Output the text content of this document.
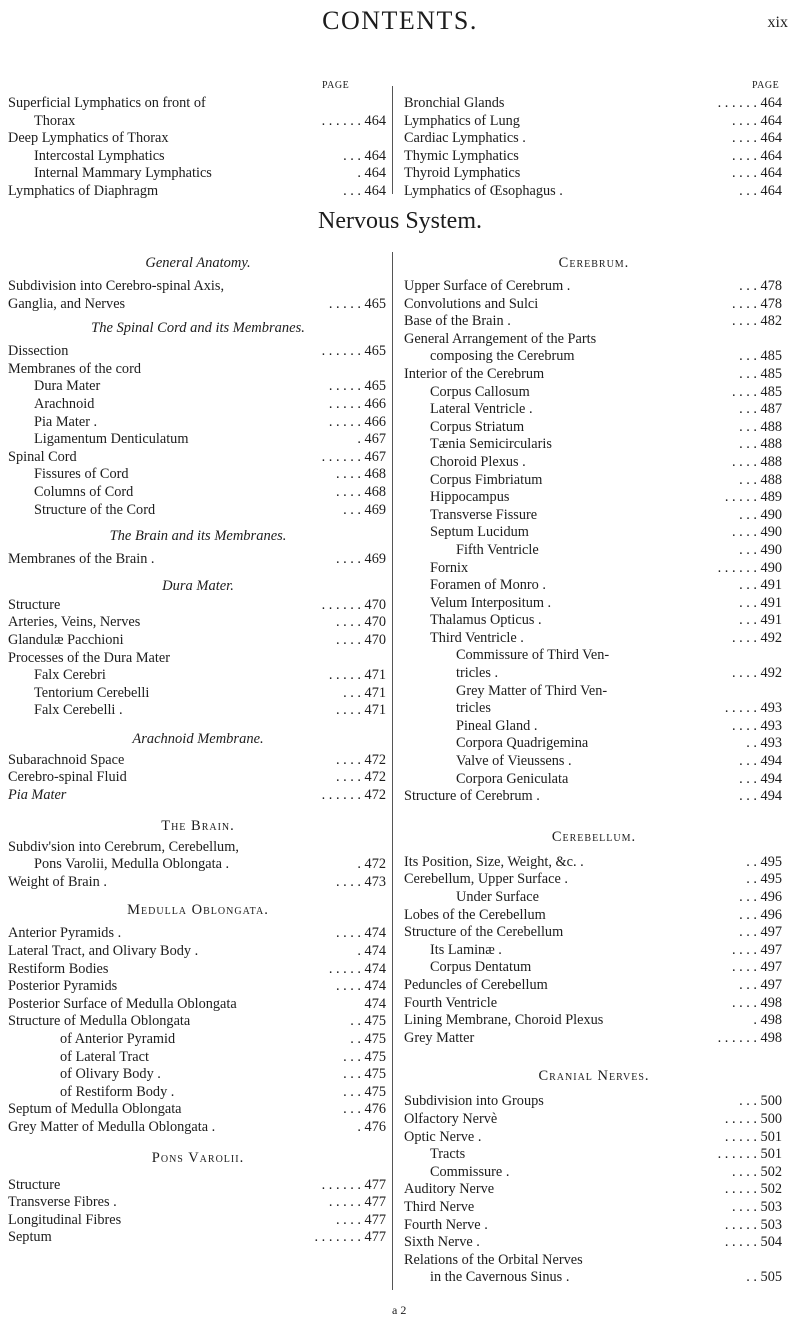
CONTENTS.	xix
PAGE	PAGE
Superficial Lymphatics on front of
Thorax	. . . . . . 464
Deep Lymphatics of Thorax
Intercostal Lymphatics	. . . 464
Internal Mammary Lymphatics	. 464
Lymphatics of Diaphragm	. . . 464
Bronchial Glands	. . . . . . 464
Lymphatics of Lung	. . . . 464
Cardiac Lymphatics .	. . . . 464
Thymic Lymphatics	. . . . 464
Thyroid Lymphatics	. . . . 464
Lymphatics of Œsophagus .	. . . 464
Nervous System.
General Anatomy.
Subdivision into Cerebro-spinal Axis,
Ganglia, and Nerves	. . . . . 465
The Spinal Cord and its Membranes.
Dissection	. . . . . . 465
Membranes of the cord
Dura Mater	. . . . . 465
Arachnoid	. . . . . 466
Pia Mater .	. . . . . 466
Ligamentum Denticulatum	. 467
Spinal Cord	. . . . . . 467
Fissures of Cord	. . . . 468
Columns of Cord	. . . . 468
Structure of the Cord	. . . 469
The Brain and its Membranes.
Membranes of the Brain .	. . . . 469
Dura Mater.
Structure	. . . . . . 470
Arteries, Veins, Nerves	. . . . 470
Glandulæ Pacchioni	. . . . 470
Processes of the Dura Mater
Falx Cerebri	. . . . . 471
Tentorium Cerebelli	. . . 471
Falx Cerebelli .	. . . . 471
Arachnoid Membrane.
Subarachnoid Space	. . . . 472
Cerebro-spinal Fluid	. . . . 472
Pia Mater	. . . . . . 472
The Brain.
Subdiv'sion into Cerebrum, Cerebellum,
Pons Varolii, Medulla Oblongata .	. 472
Weight of Brain .	. . . . 473
Medulla Oblongata.
Anterior Pyramids .	. . . . 474
Lateral Tract, and Olivary Body .	. 474
Restiform Bodies	. . . . . 474
Posterior Pyramids	. . . . 474
Posterior Surface of Medulla Oblongata	474
Structure of Medulla Oblongata	. . 475
of Anterior Pyramid	. . 475
of Lateral Tract	. . . 475
of Olivary Body .	. . . 475
of Restiform Body .	. . . 475
Septum of Medulla Oblongata	. . . 476
Grey Matter of Medulla Oblongata .	. 476
Pons Varolii.
Structure	. . . . . . 477
Transverse Fibres .	. . . . . 477
Longitudinal Fibres	. . . . 477
Septum	. . . . . . . 477
Cerebrum.
Upper Surface of Cerebrum .	. . . 478
Convolutions and Sulci	. . . . 478
Base of the Brain .	. . . . 482
General Arrangement of the Parts
composing the Cerebrum	. . . 485
Interior of the Cerebrum	. . . 485
Corpus Callosum	. . . . 485
Lateral Ventricle .	. . . 487
Corpus Striatum	. . . 488
Tænia Semicircularis	. . . 488
Choroid Plexus .	. . . . 488
Corpus Fimbriatum	. . . 488
Hippocampus	. . . . . 489
Transverse Fissure	. . . 490
Septum Lucidum	. . . . 490
Fifth Ventricle	. . . 490
Fornix	. . . . . . 490
Foramen of Monro .	. . . 491
Velum Interpositum .	. . . 491
Thalamus Opticus .	. . . 491
Third Ventricle .	. . . . 492
Commissure of Third Ven-
tricles .	. . . . 492
Grey Matter of Third Ven-
tricles	. . . . . 493
Pineal Gland .	. . . . 493
Corpora Quadrigemina	. . 493
Valve of Vieussens .	. . . 494
Corpora Geniculata	. . . 494
Structure of Cerebrum .	. . . 494
Cerebellum.
Its Position, Size, Weight, &c. .	. . 495
Cerebellum, Upper Surface .	. . 495
Under Surface	. . . 496
Lobes of the Cerebellum	. . . 496
Structure of the Cerebellum	. . . 497
Its Laminæ .	. . . . 497
Corpus Dentatum	. . . . 497
Peduncles of Cerebellum	. . . 497
Fourth Ventricle	. . . . 498
Lining Membrane, Choroid Plexus	. 498
Grey Matter	. . . . . . 498
Cranial Nerves.
Subdivision into Groups	. . . 500
Olfactory Nervè	. . . . . 500
Optic Nerve .	. . . . . 501
Tracts	. . . . . . 501
Commissure .	. . . . 502
Auditory Nerve	. . . . . 502
Third Nerve	. . . . 503
Fourth Nerve .	. . . . . 503
Sixth Nerve .	. . . . . 504
Relations of the Orbital Nerves
in the Cavernous Sinus .	. . 505
a 2
